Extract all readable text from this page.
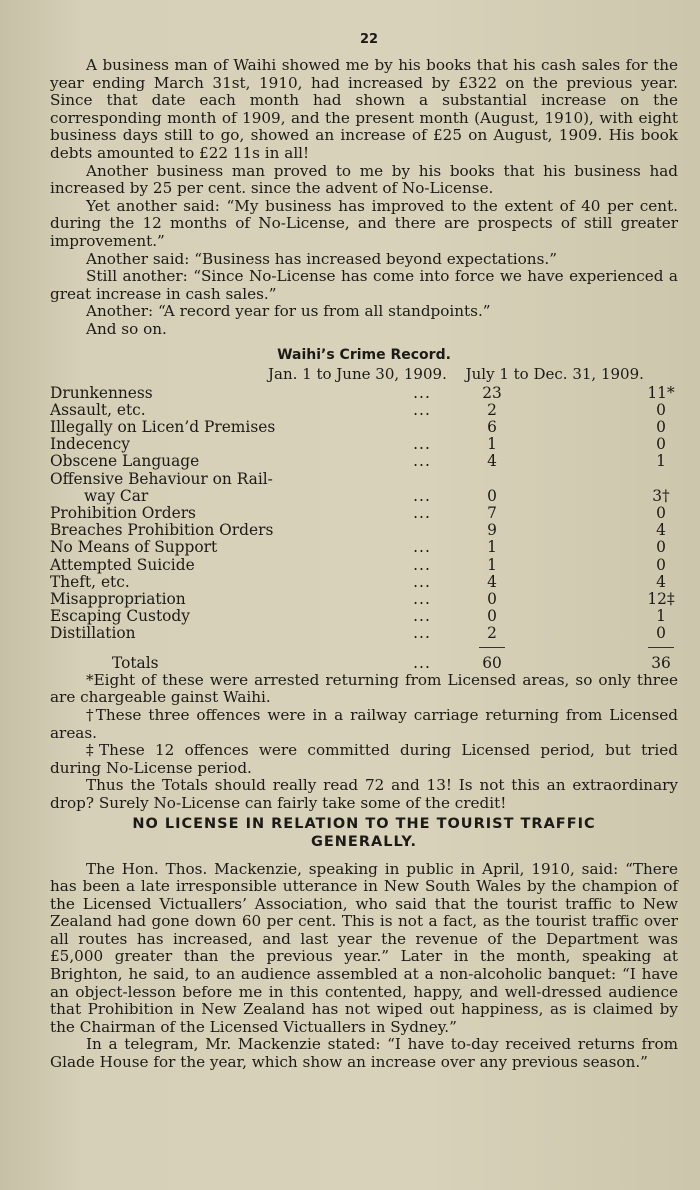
22

A business man of Waihi showed me by his books that his cash sales for the year ending March 31st, 1910, had increased by £322 on the previous year. Since that date each month had shown a substantial increase on the corresponding month of 1909, and the present month (August, 1910), with eight business days still to go, showed an increase of £25 on August, 1909. His book debts amounted to £22 11s in all!

Another business man proved to me by his books that his business had increased by 25 per cent. since the advent of No-License.

Yet another said: “My business has improved to the extent of 40 per cent. during the 12 months of No-License, and there are prospects of still greater improvement.”

Another said: “Business has increased beyond expectations.”

Still another: “Since No-License has come into force we have experienced a great increase in cash sales.”

Another: “A record year for us from all standpoints.”

And so on.

Waihi’s Crime Record.
Jan. 1 to June 30, 1909. July 1 to Dec. 31, 1909.
Drunkenness	...	23	11*
Assault, etc.	...	2	0
Illegally on Licen’d Premises		6	0
Indecency	...	1	0
Obscene Language	...	4	1
Offensive Behaviour on Rail-			
way Car	...	0	3†
Prohibition Orders	...	7	0
Breaches Prohibition Orders		9	4
No Means of Support	...	1	0
Attempted Suicide	...	1	0
Theft, etc.	...	4	4
Misappropriation	...	0	12‡
Escaping Custody	...	0	1
Distillation	...	2	0

Totals	...	60	36

*Eight of these were arrested returning from Licensed areas, so only three are chargeable gainst Waihi.

†These three offences were in a railway carriage returning from Licensed areas.

‡These 12 offences were committed during Licensed period, but tried during No-License period.

Thus the Totals should really read 72 and 13! Is not this an extraordinary drop? Surely No-License can fairly take some of the credit!

NO LICENSE IN RELATION TO THE TOURIST TRAFFIC
GENERALLY.

The Hon. Thos. Mackenzie, speaking in public in April, 1910, said: “There has been a late irresponsible utterance in New South Wales by the champion of the Licensed Victuallers’ Association, who said that the tourist traffic to New Zealand had gone down 60 per cent. This is not a fact, as the tourist traffic over all routes has increased, and last year the revenue of the Department was £5,000 greater than the previous year.” Later in the month, speaking at Brighton, he said, to an audience assembled at a non-alcoholic banquet: “I have an object-lesson before me in this contented, happy, and well-dressed audience that Prohibition in New Zealand has not wiped out happiness, as is claimed by the Chairman of the Licensed Victuallers in Sydney.”

In a telegram, Mr. Mackenzie stated: “I have to-day received returns from Glade House for the year, which show an increase over any previous season.”
